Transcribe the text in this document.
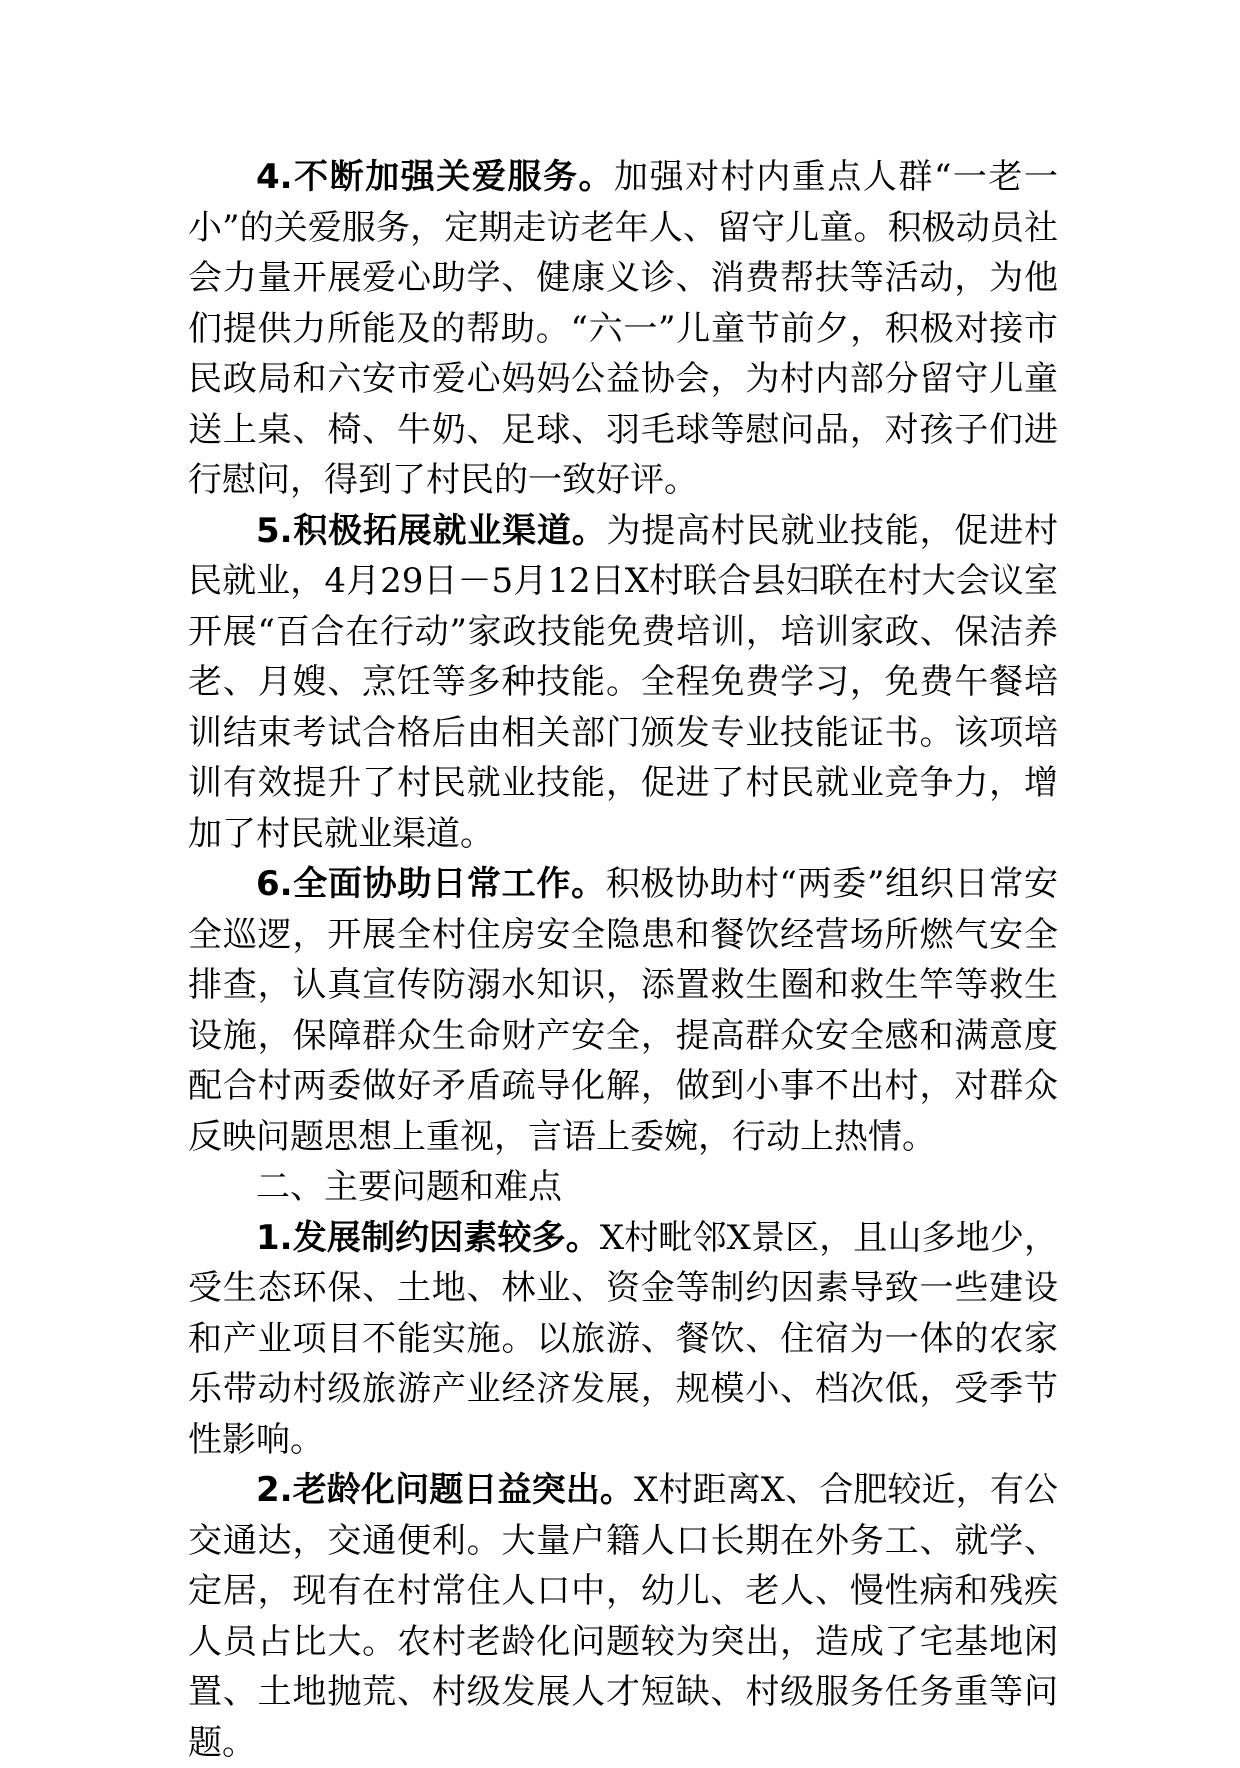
4.不断加强关爱服务。加强对村内重点人群“一老一小”的关爱服务，定期走访老年人、留守儿童。积极动员社会力量开展爱心助学、健康义诊、消费帮扶等活动，为他们提供力所能及的帮助。“六一”儿童节前夕，积极对接市民政局和六安市爱心妈妈公益协会，为村内部分留守儿童送上桌、椅、牛奶、足球、羽毛球等慰问品，对孩子们进行慰问，得到了村民的一致好评。

5.积极拓展就业渠道。为提高村民就业技能，促进村民就业，4月29日－5月12日X村联合县妇联在村大会议室开展“百合在行动”家政技能免费培训，培训家政、保洁养老、月嫂、烹饪等多种技能。全程免费学习，免费午餐培训结束考试合格后由相关部门颁发专业技能证书。该项培训有效提升了村民就业技能，促进了村民就业竞争力，增加了村民就业渠道。

6.全面协助日常工作。积极协助村“两委”组织日常安全巡逻，开展全村住房安全隐患和餐饮经营场所燃气安全排查，认真宣传防溺水知识，添置救生圈和救生竿等救生设施，保障群众生命财产安全，提高群众安全感和满意度配合村两委做好矛盾疏导化解，做到小事不出村，对群众反映问题思想上重视，言语上委婉，行动上热情。

二、主要问题和难点

1.发展制约因素较多。X村毗邻X景区，且山多地少，受生态环保、土地、林业、资金等制约因素导致一些建设和产业项目不能实施。以旅游、餐饮、住宿为一体的农家乐带动村级旅游产业经济发展，规模小、档次低，受季节性影响。

2.老龄化问题日益突出。X村距离X、合肥较近，有公交通达，交通便利。大量户籍人口长期在外务工、就学、定居，现有在村常住人口中，幼儿、老人、慢性病和残疾人员占比大。农村老龄化问题较为突出，造成了宅基地闲置、土地抛荒、村级发展人才短缺、村级服务任务重等问题。
